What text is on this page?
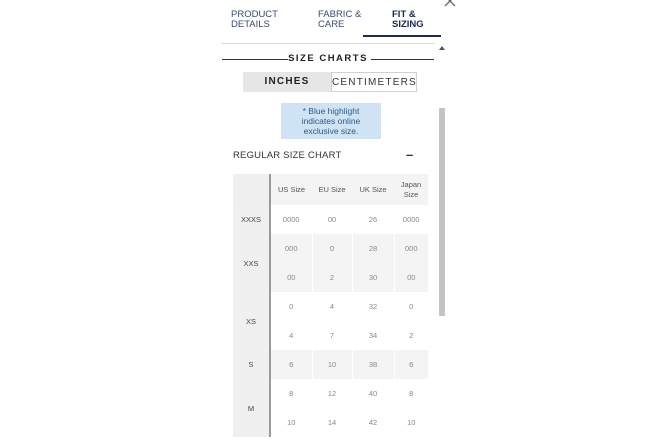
PRODUCT
DETAILS
FABRIC &
CARE
FIT &
SIZING
SIZE CHARTS
INCHES	CENTIMETERS
* Blue highlight
indicates online
exclusive size.
REGULAR SIZE CHART	–
	US Size	EU Size	UK Size	Japan
Size

XXXS	0000	00	26	0000
XXS	000	0	28	000
	00	2	30	00
XS	0	4	32	0
	4	7	34	2
S	6	10	38	6
M	8	12	40	8
	10	14	42	10
